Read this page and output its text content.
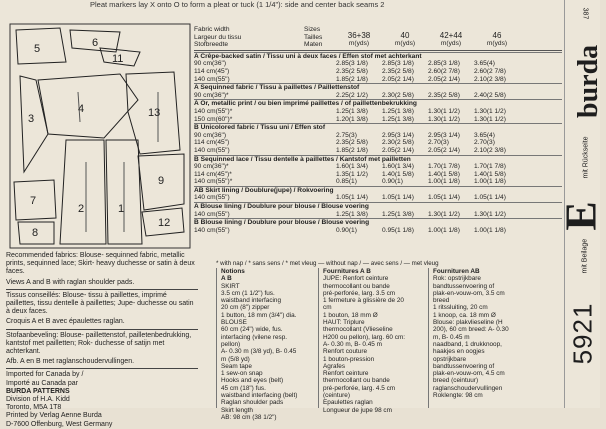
Pleat markers lay X onto O to form a pleat or tuck (1 1/4"): side and center back seams 2
5	6
11
13
3
4
2	1
7
8
9
12
Fabric width
Largeur du tissu
Stofbreedte
Sizes
Tailles
Maten
36+38
m(yds)
40
m(yds)
42+44
m(yds)
46
m(yds)
A Crêpe-backed satin / Tissu uni à deux faces / Effen stof met achterkant
90 cm(36")	2.85(3 1/8)	2.85(3 1/8)	2.85(3 1/8)	3.65(4)
114 cm(45")	2.35(2 5/8)	2.35(2 5/8)	2.60(2 7/8)	2.60(2 7/8)
140 cm(55")	1.85(2 1/8)	2.05(2 1/4)	2.05(2 1/4)	2.10(2 3/8)
A Sequinned fabric / Tissu à paillettes / Paillettenstof
90 cm(36")*	2.25(2 1/2)	2.30(2 5/8)	2.35(2 5/8)	2.40(2 5/8)
A Or, metallic print / ou bien imprimé paillettes / of paillettenbekrukking
140 cm(55")*	1.25(1 3/8)	1.25(1 3/8)	1.30(1 1/2)	1.30(1 1/2)
150 cm(60")*	1.20(1 3/8)	1.25(1 3/8)	1.30(1 1/2)	1.30(1 1/2)
B Unicolored fabric / Tissu uni / Effen stof
90 cm(36")	2.75(3)	2.95(3 1/4)	2.95(3 1/4)	3.65(4)
114 cm(45")	2.35(2 5/8)	2.30(2 5/8)	2.70(3)	2.70(3)
140 cm(55")	1.85(2 1/8)	2.05(2 1/4)	2.05(2 1/4)	2.10(2 3/8)
B Sequinned lace / Tissu dentelle à paillettes / Kantstof met pailletten
90 cm(36")*	1.60(1 3/4)	1.60(1 3/4)	1.70(1 7/8)	1.70(1 7/8)
114 cm(45")*	1.35(1 1/2)	1.40(1 5/8)	1.40(1 5/8)	1.40(1 5/8)
140 cm(55")*	0.85(1)	0.90(1)	1.00(1 1/8)	1.00(1 1/8)
AB Skirt lining / Doublure(jupe) / Rokvoering
140 cm(55")	1.05(1 1/4)	1.05(1 1/4)	1.05(1 1/4)	1.05(1 1/4)
A Blouse lining / Doublure pour blouse / Blouse voering
140 cm(55")	1.25(1 3/8)	1.25(1 3/8)	1.30(1 1/2)	1.30(1 1/2)
B Blouse lining / Doublure pour blouse / Blouse voering
140 cm(55")	0.90(1)	0.95(1 1/8)	1.00(1 1/8)	1.00(1 1/8)
* with nap / * sans sens / * met vleug — without nap / — avec sens / — met vleug

Recommended fabrics: Blouse- sequinned fabric, metallic prints, sequinned lace; Skirt- heavy duchesse or satin à deux faces.

Views A and B with raglan shoulder pads.

Tissus conseillés: Blouse- tissu à paillettes, imprimé paillettes, tissu dentelle à paillettes; Jupe- duchesse ou satin à deux faces.

Croquis A et B avec épaulettes raglan.

Stofaanbeveling: Blouse- paillettenstof, pailletenbedrukking, kantstof met pailletten; Rok- duchesse of satijn met achterkant.

Afb. A en B met raglanschoudervullingen.

Imported for Canada by /
Importé au Canada par
BURDA PATTERNS
Division of H.A. Kidd
Toronto, M5A 1T8
Printed by Verlag Aenne Burda
D-7600 Offenburg, West Germany
Notions
A B
SKIRT
3.5 cm (1 1/2") fus.
waistband interfacing
20 cm (8") zipper
1 button, 18 mm (3/4") dia.
BLOUSE
60 cm (24") wide, fus.
interfacing (vilene resp.
pellon)
A- 0.30 m (3/8 yd), B- 0.45
m (5/8 yd)
Seam tape
1 sew-on snap
Hooks and eyes (belt)
45 cm (18") fus.
waistband interfacing (belt)
Raglan shoulder pads
Skirt length
AB: 98 cm (38 1/2")
Fournitures A B
JUPE: Renfort ceinture
thermocollant ou bande
pré-perforée, larg. 3.5 cm
1 fermeture à glissière de 20
cm
1 bouton, 18 mm Ø
HAUT: Triplure
thermocollant (Vlieseline
H200 ou pellon), larg. 60 cm:
A- 0.30 m, B- 0.45 m
Renfort couture
1 bouton-pression
Agrafes
Renfort ceinture
thermocollant ou bande
pré-perforée, larg. 4.5 cm
(ceinture)
Epaulettes raglan
Longueur de jupe 98 cm
Fournituren AB
Rok: opstrijkbare
bandtussenvoering of
plak-en-vouw-om, 3.5 cm
breed
1 ritssluiting, 20 cm
1 knoop, ca. 18 mm Ø
Blouse: plakvlieseline (H
200), 60 cm breed: A- 0.30
m, B- 0.45 m
naadband, 1 drukknoop,
haakjes en oogjes
opstrijkbare
bandtussenvoering of
plak-en-vouw-om, 4.5 cm
breed (ceintuur)
raglanschoudervullingen
Roklengte: 98 cm
387
burda
mit Rückseite
E
mit Beilage
5921
